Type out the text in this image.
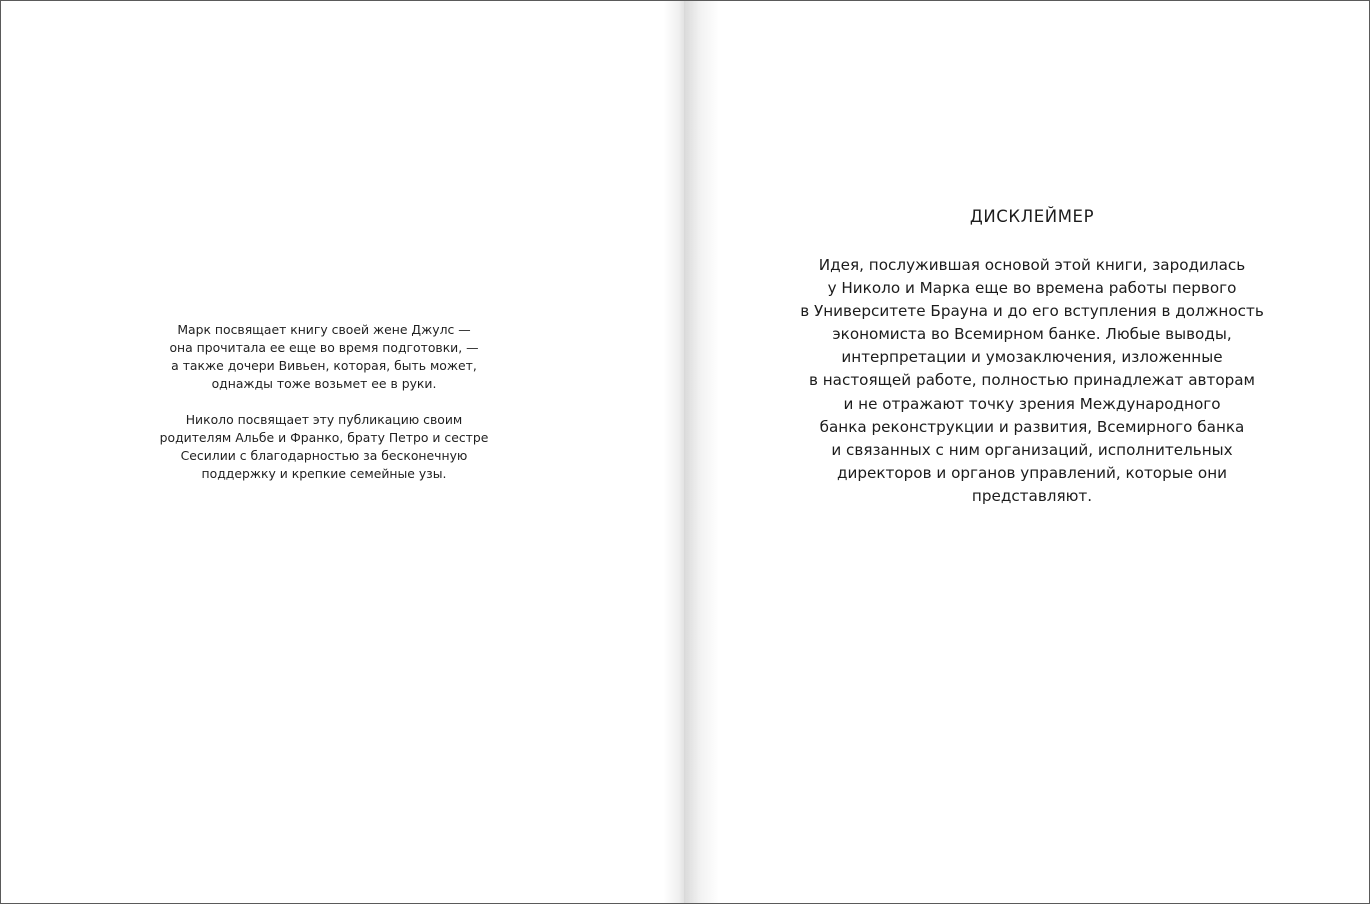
Марк посвящает книгу своей жене Джулс —
она прочитала ее еще во время подготовки, —
а также дочери Вивьен, которая, быть может,
однажды тоже возьмет ее в руки.

Николо посвящает эту публикацию своим
родителям Альбе и Франко, брату Петро и сестре
Сесилии с благодарностью за бесконечную
поддержку и крепкие семейные узы.

ДИСКЛЕЙМЕР

Идея, послужившая основой этой книги, зародилась
у Николо и Марка еще во времена работы первого
в Университете Брауна и до его вступления в должность
экономиста во Всемирном банке. Любые выводы,
интерпретации и умозаключения, изложенные
в настоящей работе, полностью принадлежат авторам
и не отражают точку зрения Международного
банка реконструкции и развития, Всемирного банка
и связанных с ним организаций, исполнительных
директоров и органов управлений, которые они
представляют.
